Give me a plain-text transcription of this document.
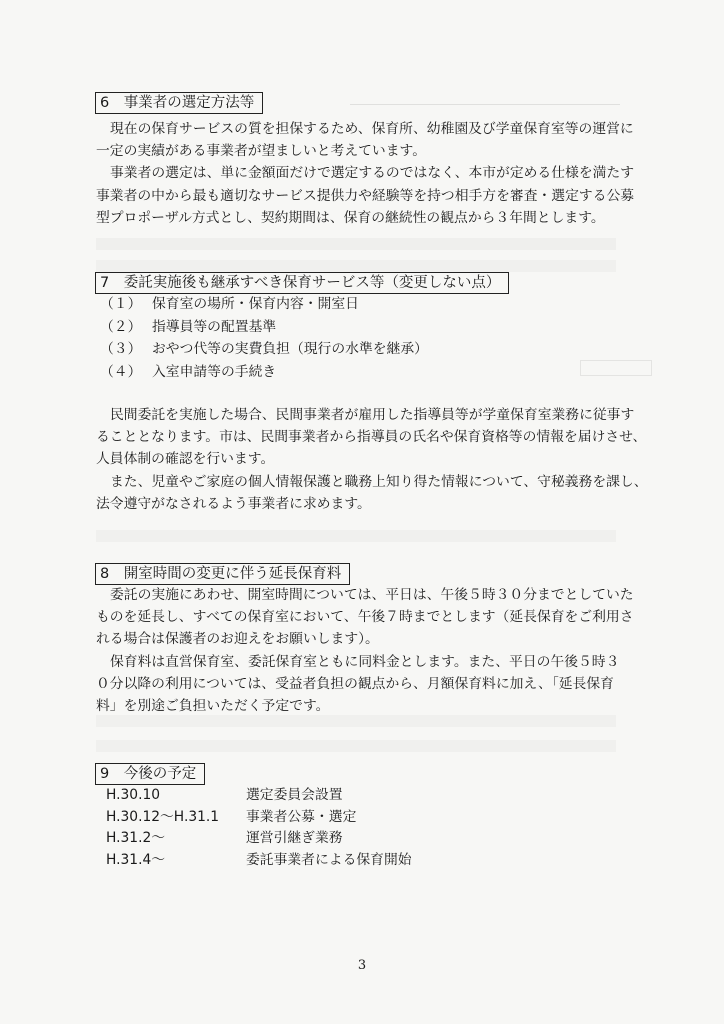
6　事業者の選定方法等
現在の保育サービスの質を担保するため、保育所、幼稚園及び学童保育室等の運営に
一定の実績がある事業者が望ましいと考えています。
事業者の選定は、単に金額面だけで選定するのではなく、本市が定める仕様を満たす
事業者の中から最も適切なサービス提供力や経験等を持つ相手方を審査・選定する公募
型プロポーザル方式とし、契約期間は、保育の継続性の観点から３年間とします。
7　委託実施後も継承すべき保育サービス等（変更しない点）
（１） 保育室の場所・保育内容・開室日
（２） 指導員等の配置基準
（３） おやつ代等の実費負担（現行の水準を継承）
（４） 入室申請等の手続き
民間委託を実施した場合、民間事業者が雇用した指導員等が学童保育室業務に従事す
ることとなります。市は、民間事業者から指導員の氏名や保育資格等の情報を届けさせ、
人員体制の確認を行います。
また、児童やご家庭の個人情報保護と職務上知り得た情報について、守秘義務を課し、
法令遵守がなされるよう事業者に求めます。
8　開室時間の変更に伴う延長保育料
委託の実施にあわせ、開室時間については、平日は、午後５時３０分までとしていた
ものを延長し、すべての保育室において、午後７時までとします（延長保育をご利用さ
れる場合は保護者のお迎えをお願いします）。
保育料は直営保育室、委託保育室ともに同料金とします。また、平日の午後５時３
０分以降の利用については、受益者負担の観点から、月額保育料に加え、「延長保育
料」を別途ご負担いただく予定です。
9　今後の予定
H.30.10	選定委員会設置
H.30.12～H.31.1 事業者公募・選定
H.31.2～	運営引継ぎ業務
H.31.4～	委託事業者による保育開始
3
